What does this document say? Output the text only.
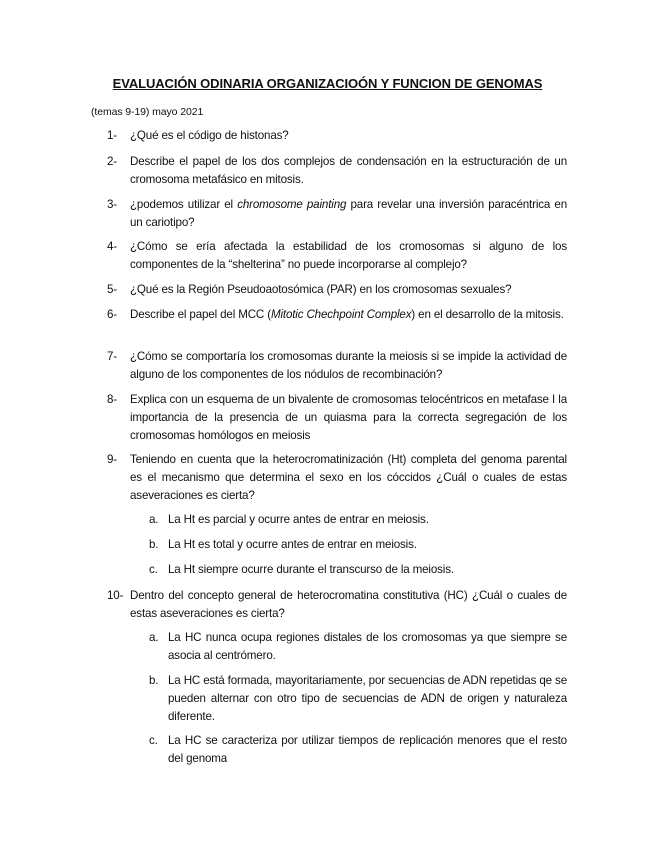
EVALUACIÓN ODINARIA ORGANIZACIOÓN Y FUNCION DE GENOMAS
(temas 9-19) mayo 2021
1- ¿Qué es el código de histonas?
2- Describe el papel de los dos complejos de condensación en la estructuración de un cromosoma metafásico en mitosis.
3- ¿podemos utilizar el chromosome painting para revelar una inversión paracéntrica en un cariotipo?
4- ¿Cómo se ería afectada la estabilidad de los cromosomas si alguno de los componentes de la “shelterina” no puede incorporarse al complejo?
5- ¿Qué es la Región Pseudoaotosómica (PAR) en los cromosomas sexuales?
6- Describe el papel del MCC (Mitotic Chechpoint Complex) en el desarrollo de la mitosis.
7- ¿Cómo se comportaría los cromosomas durante la meiosis si se impide la actividad de alguno de los componentes de los nódulos de recombinación?
8- Explica con un esquema de un bivalente de cromosomas telocéntricos en metafase I la importancia de la presencia de un quiasma para la correcta segregación de los cromosomas homólogos en meiosis
9- Teniendo en cuenta que la heterocromatinización (Ht) completa del genoma parental es el mecanismo que determina el sexo en los cóccidos ¿Cuál o cuales de estas aseveraciones es cierta?
a. La Ht es parcial y ocurre antes de entrar en meiosis.
b. La Ht es total y ocurre antes de entrar en meiosis.
c. La Ht siempre ocurre durante el transcurso de la meiosis.
10- Dentro del concepto general de heterocromatina constitutiva (HC) ¿Cuál o cuales de estas aseveraciones es cierta?
a. La HC nunca ocupa regiones distales de los cromosomas ya que siempre se asocia al centrómero.
b. La HC está formada, mayoritariamente, por secuencias de ADN repetidas qe se pueden alternar con otro tipo de secuencias de ADN de origen y naturaleza diferente.
c. La HC se caracteriza por utilizar tiempos de replicación menores que el resto del genoma
